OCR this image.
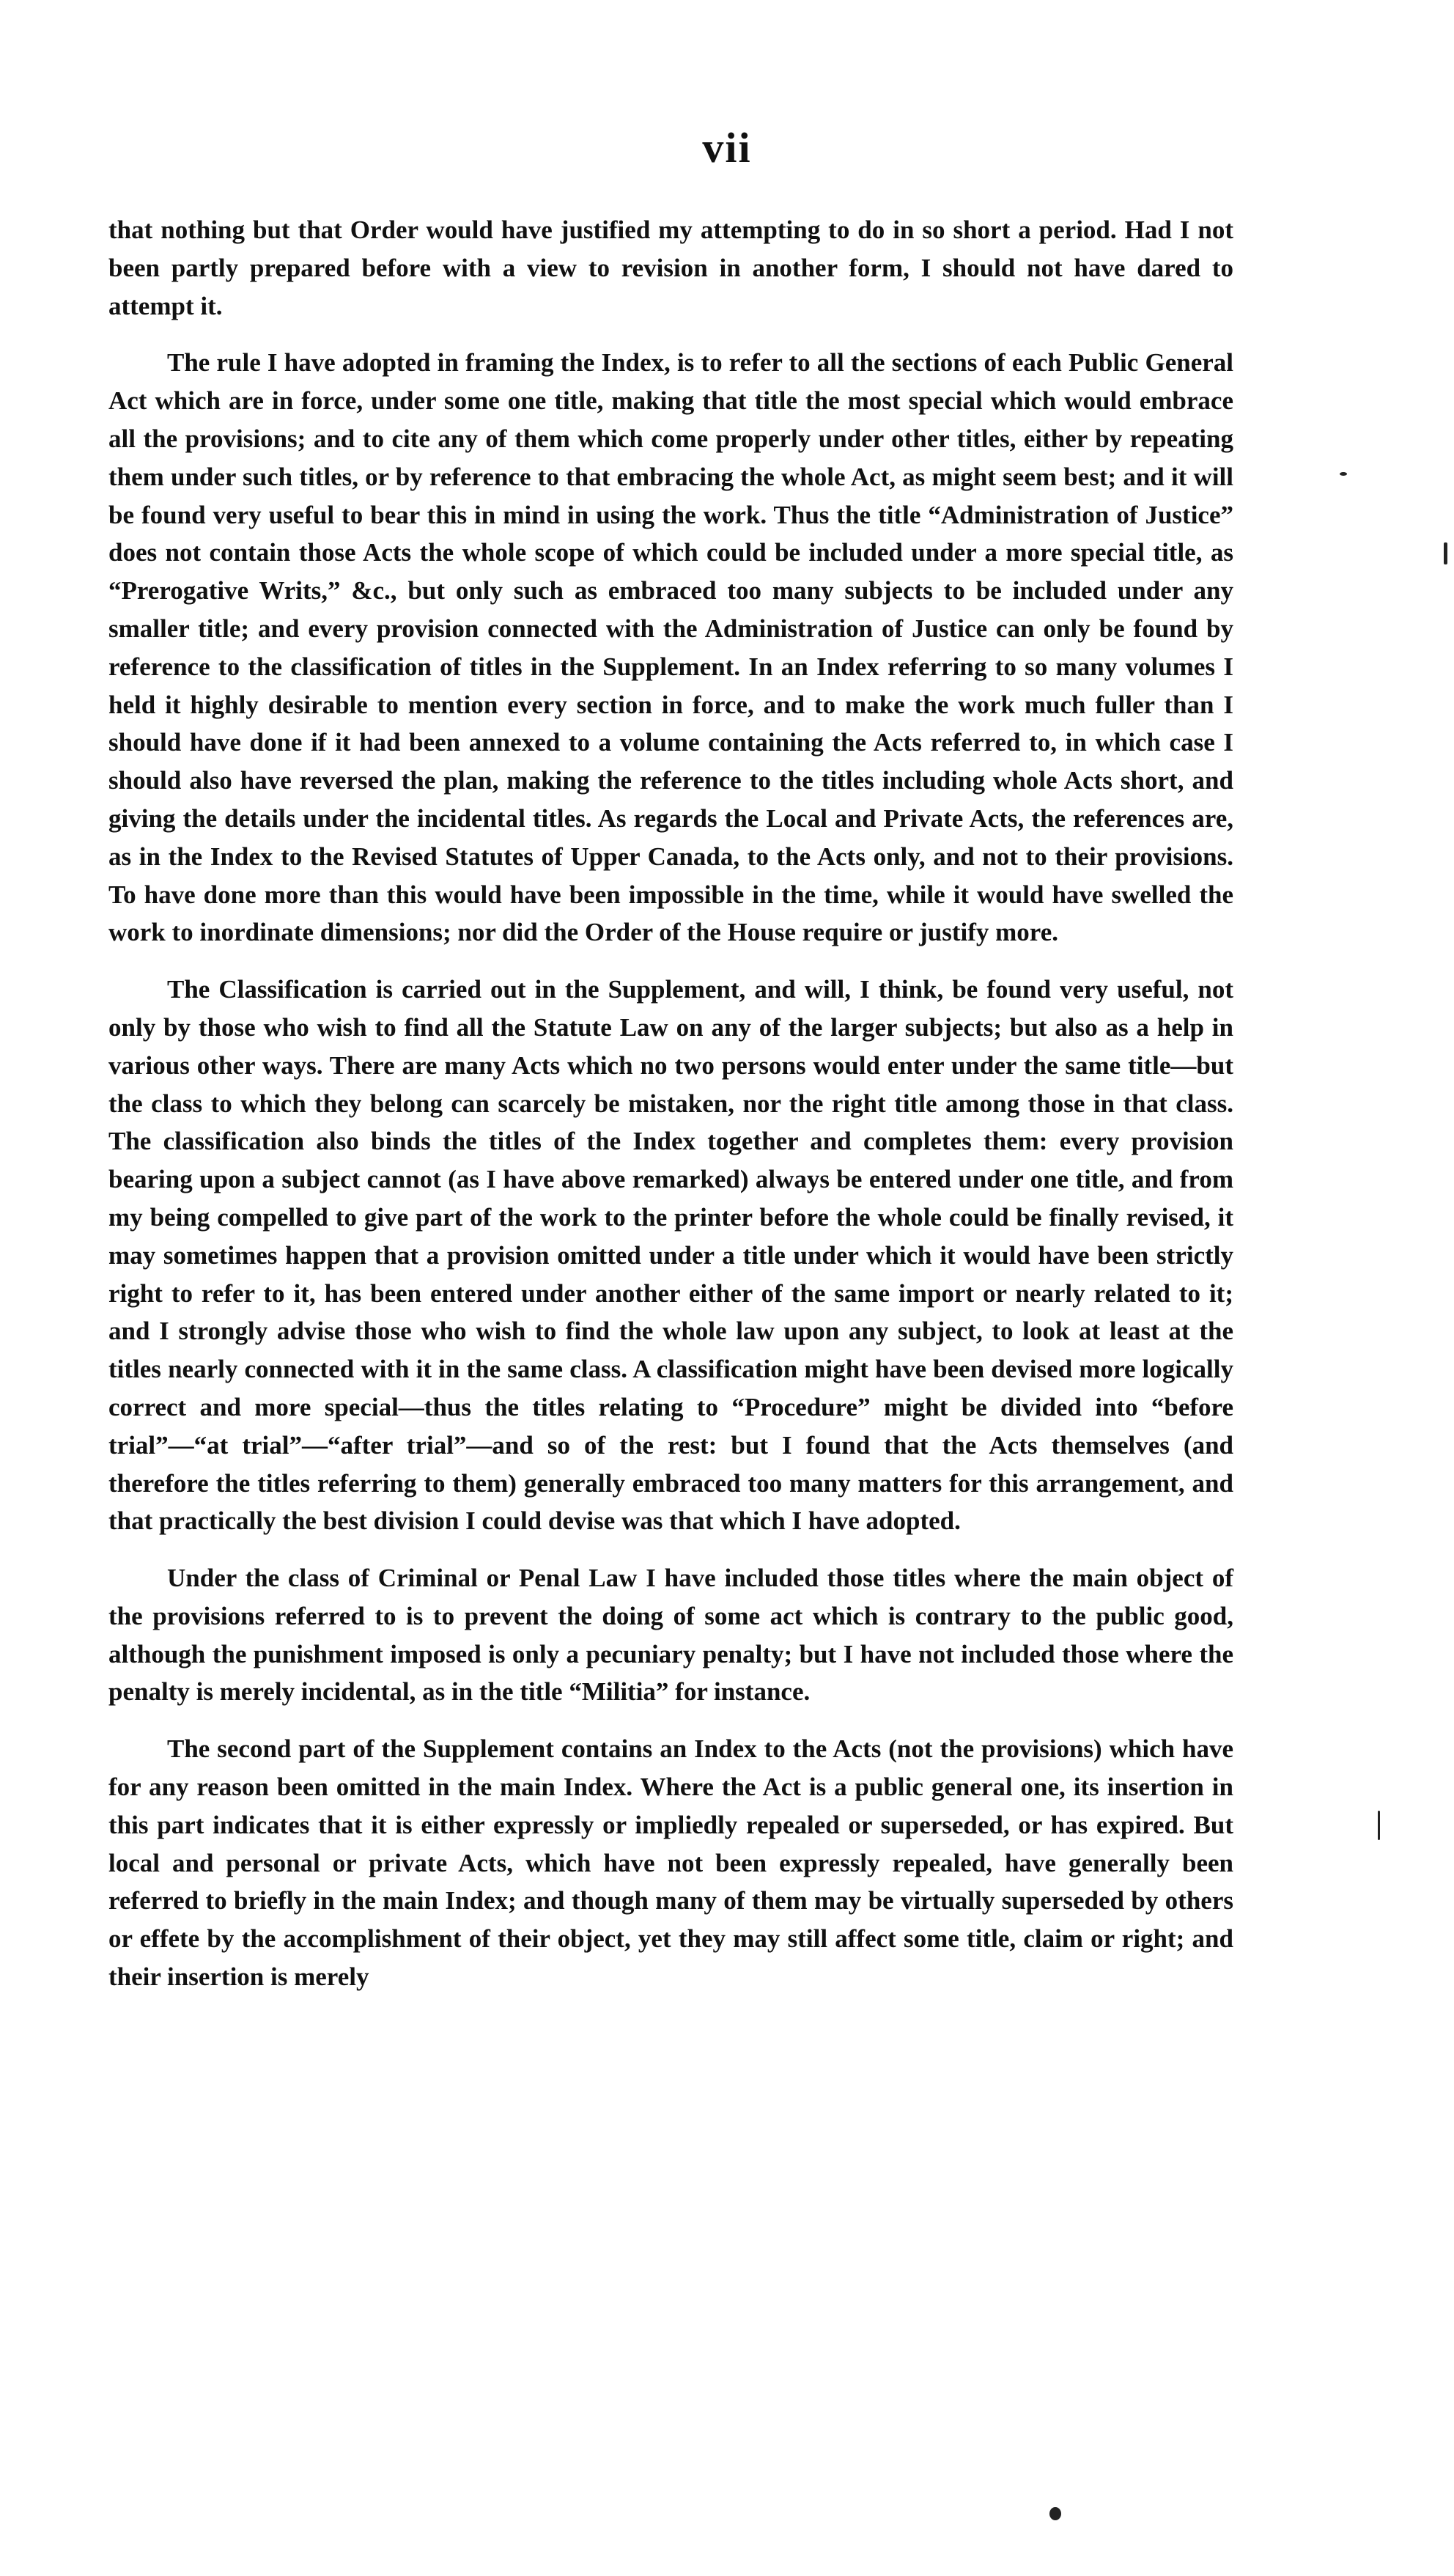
vii

that nothing but that Order would have justified my attempting to do in so short a period. Had I not been partly prepared before with a view to revision in another form, I should not have dared to attempt it.

The rule I have adopted in framing the Index, is to refer to all the sections of each Public General Act which are in force, under some one title, making that title the most special which would embrace all the provisions; and to cite any of them which come properly under other titles, either by repeating them under such titles, or by reference to that embracing the whole Act, as might seem best; and it will be found very useful to bear this in mind in using the work. Thus the title “Administration of Justice” does not contain those Acts the whole scope of which could be included under a more special title, as “Prerogative Writs,” &c., but only such as embraced too many subjects to be included under any smaller title; and every provision connected with the Administration of Justice can only be found by reference to the classification of titles in the Supplement. In an Index referring to so many volumes I held it highly desirable to mention every section in force, and to make the work much fuller than I should have done if it had been annexed to a volume containing the Acts referred to, in which case I should also have reversed the plan, making the reference to the titles including whole Acts short, and giving the details under the incidental titles. As regards the Local and Private Acts, the references are, as in the Index to the Revised Statutes of Upper Canada, to the Acts only, and not to their provisions. To have done more than this would have been impossible in the time, while it would have swelled the work to inordinate dimensions; nor did the Order of the House require or justify more.

The Classification is carried out in the Supplement, and will, I think, be found very useful, not only by those who wish to find all the Statute Law on any of the larger subjects; but also as a help in various other ways. There are many Acts which no two persons would enter under the same title—but the class to which they belong can scarcely be mistaken, nor the right title among those in that class. The classification also binds the titles of the Index together and completes them: every provision bearing upon a subject cannot (as I have above remarked) always be entered under one title, and from my being compelled to give part of the work to the printer before the whole could be finally revised, it may sometimes happen that a provision omitted under a title under which it would have been strictly right to refer to it, has been entered under another either of the same import or nearly related to it; and I strongly advise those who wish to find the whole law upon any subject, to look at least at the titles nearly connected with it in the same class. A classification might have been devised more logically correct and more special—thus the titles relating to “Procedure” might be divided into “before trial”—“at trial”—“after trial”—and so of the rest: but I found that the Acts themselves (and therefore the titles referring to them) generally embraced too many matters for this arrangement, and that practically the best division I could devise was that which I have adopted.

Under the class of Criminal or Penal Law I have included those titles where the main object of the provisions referred to is to prevent the doing of some act which is contrary to the public good, although the punishment imposed is only a pecuniary penalty; but I have not included those where the penalty is merely incidental, as in the title “Militia” for instance.

The second part of the Supplement contains an Index to the Acts (not the provisions) which have for any reason been omitted in the main Index. Where the Act is a public general one, its insertion in this part indicates that it is either expressly or impliedly repealed or superseded, or has expired. But local and personal or private Acts, which have not been expressly repealed, have generally been referred to briefly in the main Index; and though many of them may be virtually superseded by others or effete by the accomplishment of their object, yet they may still affect some title, claim or right; and their insertion is merely
